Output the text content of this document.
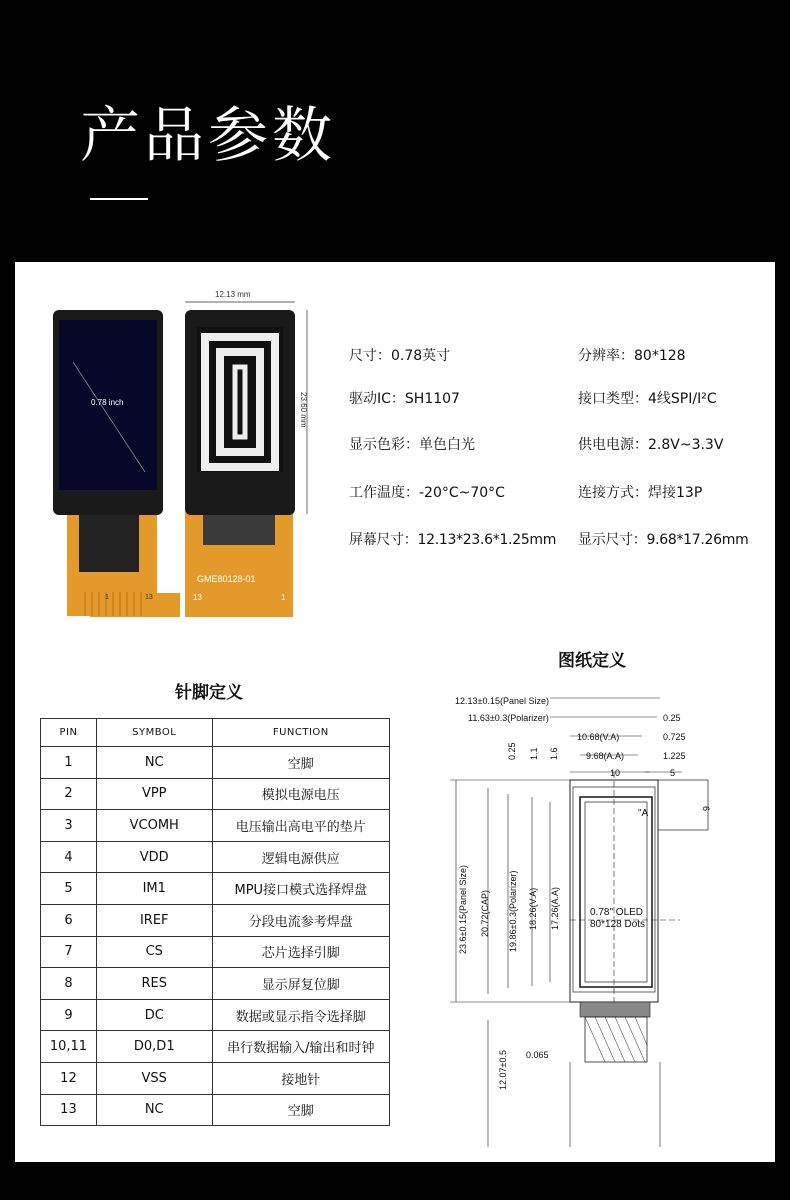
产品参数
0.78 inch
1	13
GME80128-01
13	1
12.13 mm
23.60 mm
尺寸：0.78英寸	分辨率：80*128
驱动IC：SH1107	接口类型：4线SPI/I²C
显示色彩：单色白光	供电电源：2.8V~3.3V
工作温度：-20°C~70°C	连接方式：焊接13P
屏幕尺寸：12.13*23.6*1.25mm 显示尺寸：9.68*17.26mm
针脚定义
PIN	SYMBOL	FUNCTION
1	NC	空脚
2	VPP	模拟电源电压
3	VCOMH	电压输出高电平的垫片
4	VDD	逻辑电源供应
5	IM1	MPU接口模式选择焊盘
6	IREF	分段电流参考焊盘
7	CS	芯片选择引脚
8	RES	显示屏复位脚
9	DC	数据或显示指令选择脚
10,11	D0,D1	串行数据输入/输出和时钟
12	VSS	接地针
13	NC	空脚
图纸定义
12.13±0.15(Panel Size)
11.63±0.3(Polarizer)
10.68(V.A)
9.68(A.A)
0.25
0.725
1.225
10	5
6
0.25 1.1 1.6
23.6±0.15(Panel Size) 20.72(CAP) 19.86±0.3(Polarizer) 18.26(V.A) 17.26(A.A)	0.78" OLED
80*128 Dots
"A
0.065
12.07±0.5
